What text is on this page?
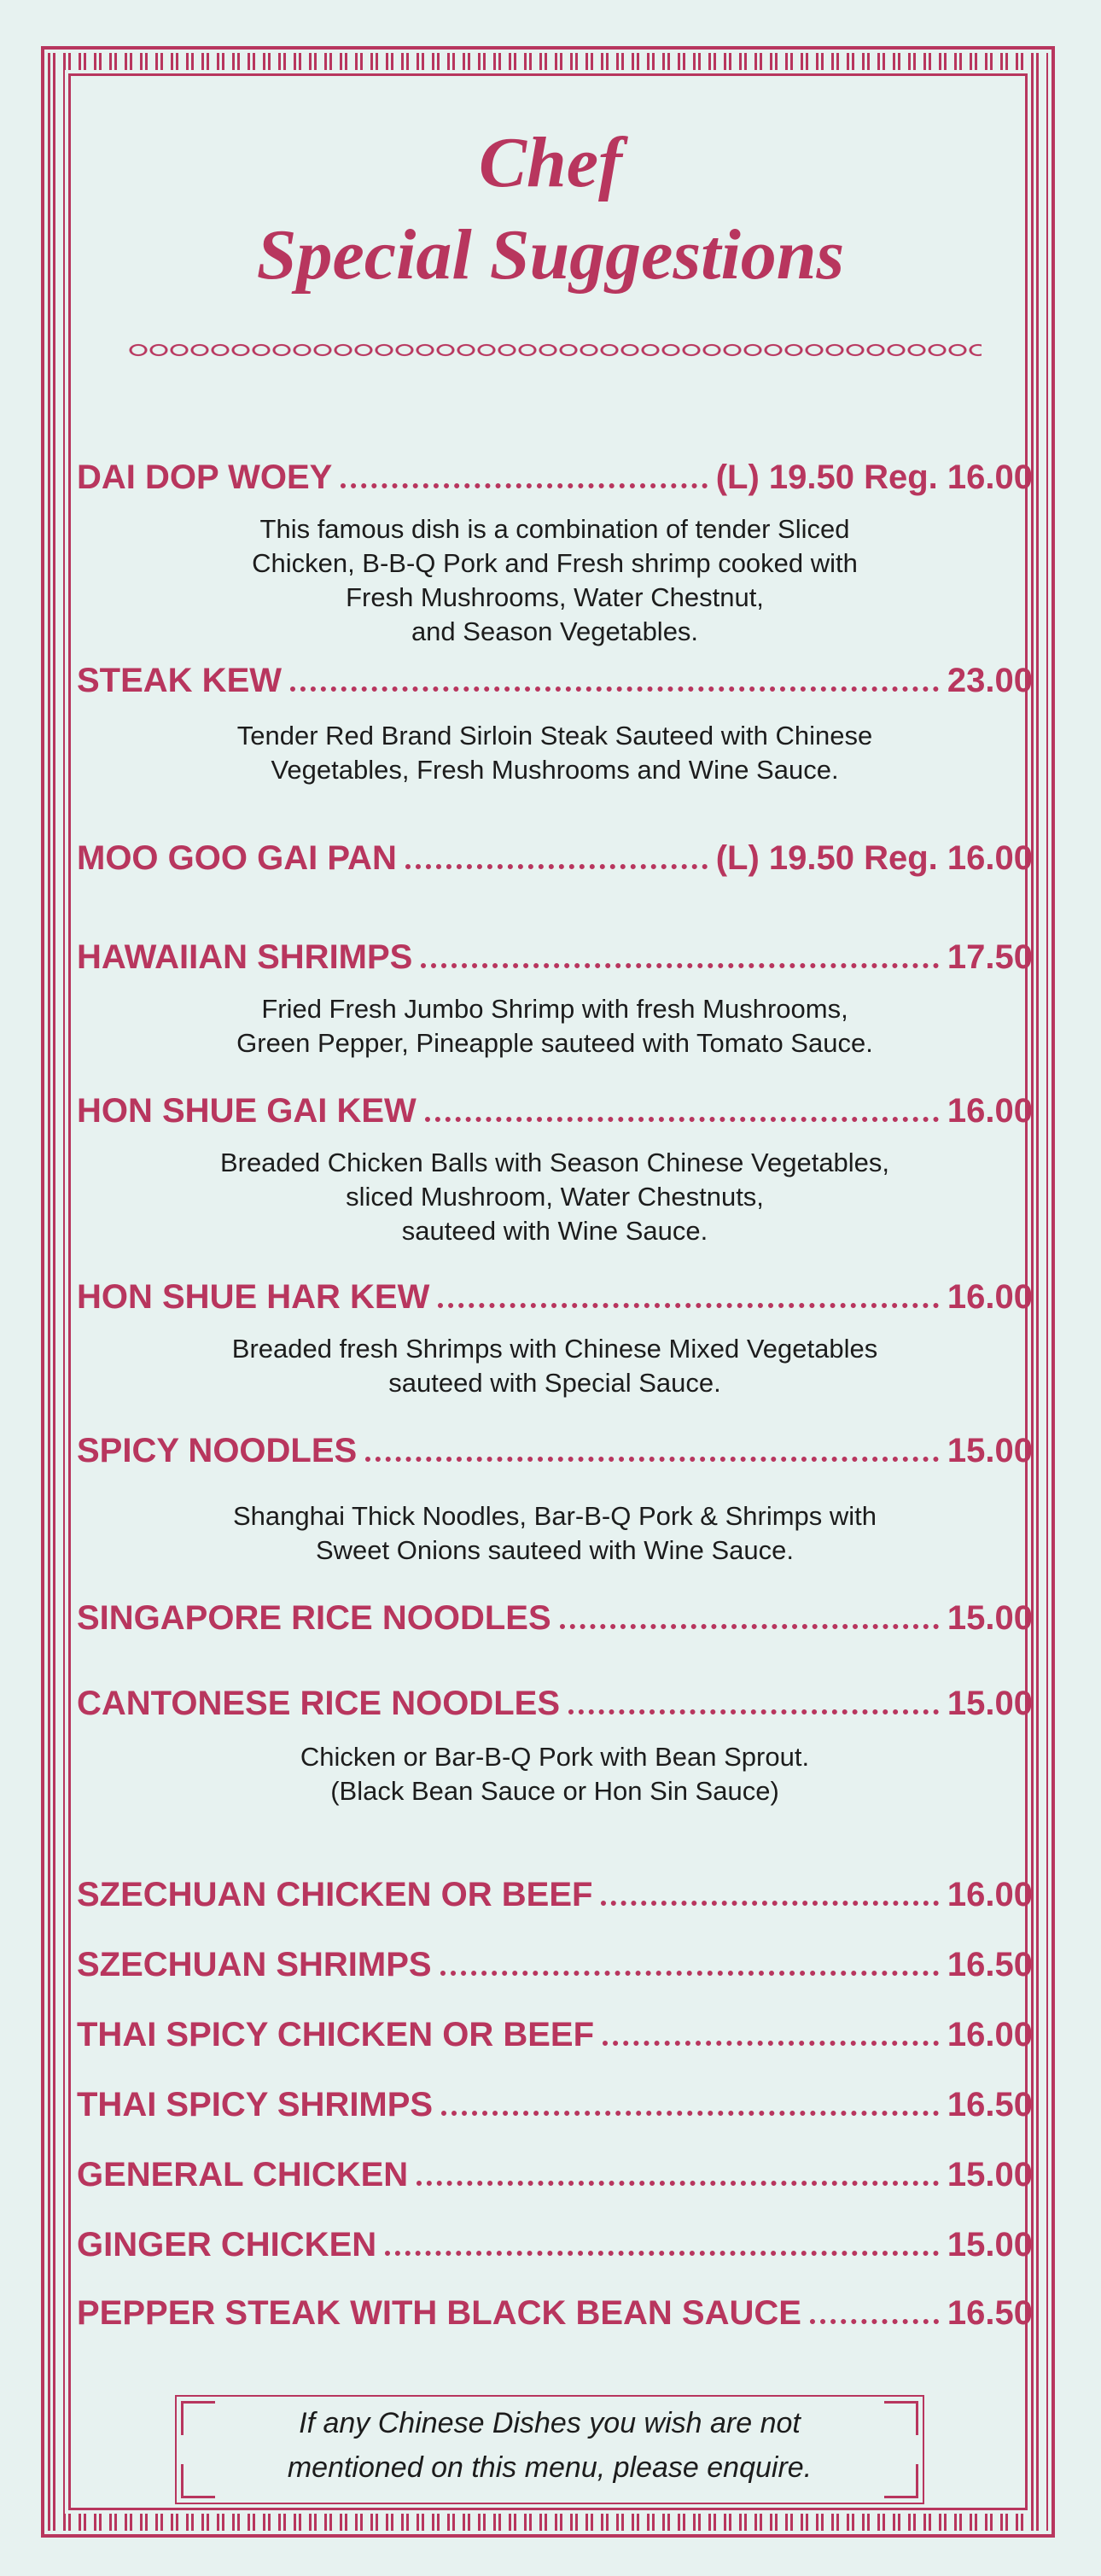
Chef
Special Suggestions
DAI DOP WOEY	(L) 19.50 Reg. 16.00
This famous dish is a combination of tender Sliced
Chicken, B-B-Q Pork and Fresh shrimp cooked with
Fresh Mushrooms, Water Chestnut,
and Season Vegetables.
STEAK KEW	23.00
Tender Red Brand Sirloin Steak Sauteed with Chinese
Vegetables, Fresh Mushrooms and Wine Sauce.
MOO GOO GAI PAN	(L) 19.50 Reg. 16.00
HAWAIIAN SHRIMPS	17.50
Fried Fresh Jumbo Shrimp with fresh Mushrooms,
Green Pepper, Pineapple sauteed with Tomato Sauce.
HON SHUE GAI KEW	16.00
Breaded Chicken Balls with Season Chinese Vegetables,
sliced Mushroom, Water Chestnuts,
sauteed with Wine Sauce.
HON SHUE HAR KEW	16.00
Breaded fresh Shrimps with Chinese Mixed Vegetables
sauteed with Special Sauce.
SPICY NOODLES	15.00
Shanghai Thick Noodles, Bar-B-Q Pork & Shrimps with
Sweet Onions sauteed with Wine Sauce.
SINGAPORE RICE NOODLES	15.00
CANTONESE RICE NOODLES	15.00
Chicken or Bar-B-Q Pork with Bean Sprout.
(Black Bean Sauce or Hon Sin Sauce)
SZECHUAN CHICKEN OR BEEF	16.00
SZECHUAN SHRIMPS	16.50
THAI SPICY CHICKEN OR BEEF	16.00
THAI SPICY SHRIMPS	16.50
GENERAL CHICKEN	15.00
GINGER CHICKEN	15.00
PEPPER STEAK WITH BLACK BEAN SAUCE	16.50
If any Chinese Dishes you wish are not
mentioned on this menu, please enquire.
